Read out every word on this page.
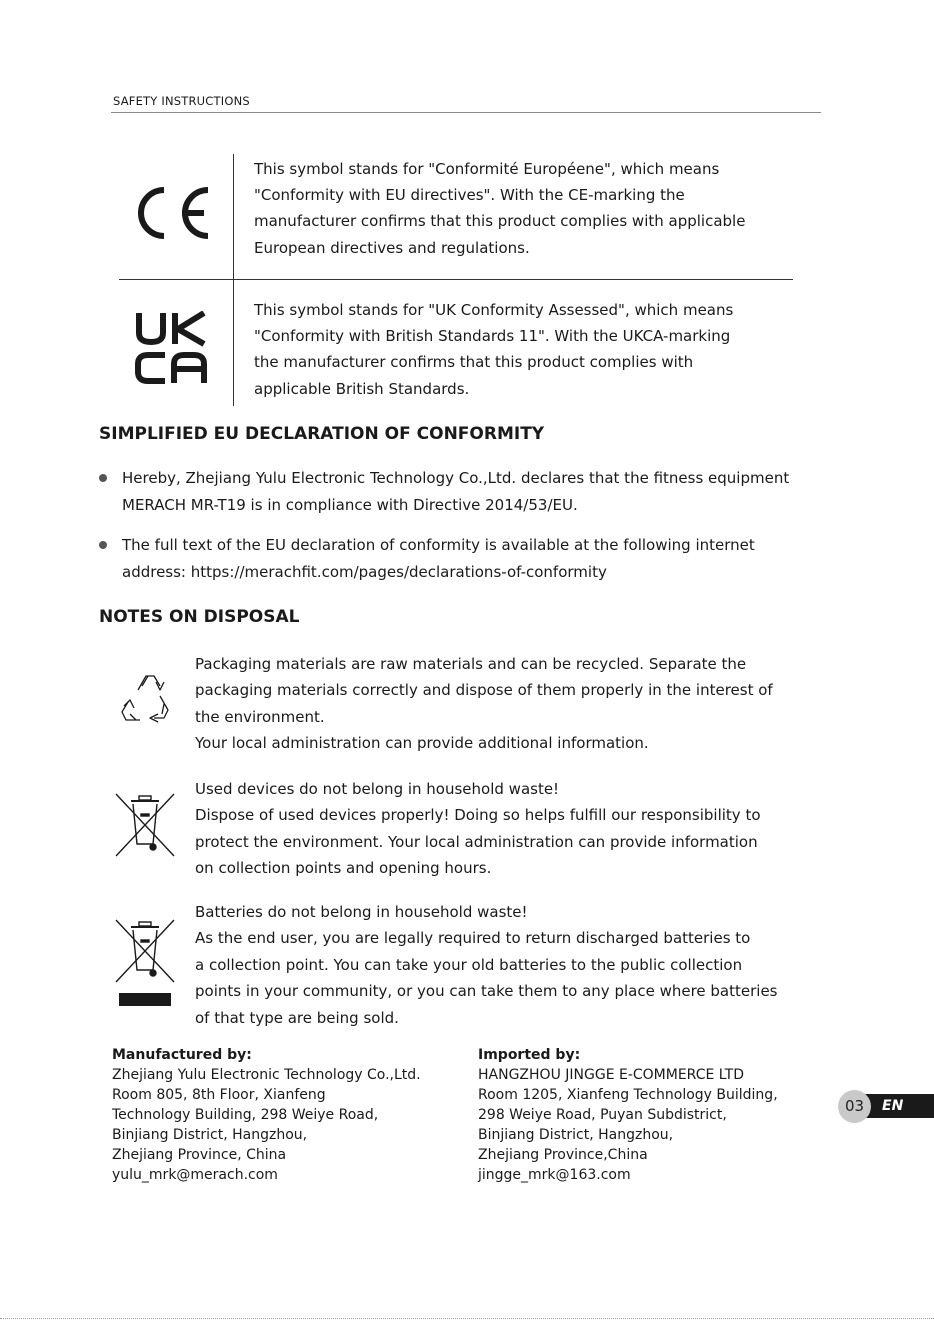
SAFETY INSTRUCTIONS
This symbol stands for "Conformité Européene", which means
"Conformity with EU directives". With the CE-marking the
manufacturer confirms that this product complies with applicable
European directives and regulations.
This symbol stands for "UK Conformity Assessed", which means
"Conformity with British Standards 11". With the UKCA-marking
the manufacturer confirms that this product complies with
applicable British Standards.
SIMPLIFIED EU DECLARATION OF CONFORMITY
Hereby, Zhejiang Yulu Electronic Technology Co.,Ltd. declares that the fitness equipment
MERACH MR-T19 is in compliance with Directive 2014/53/EU.
The full text of the EU declaration of conformity is available at the following internet
address: https://merachfit.com/pages/declarations-of-conformity
NOTES ON DISPOSAL
Packaging materials are raw materials and can be recycled. Separate the
packaging materials correctly and dispose of them properly in the interest of
the environment.
Your local administration can provide additional information.
Used devices do not belong in household waste!
Dispose of used devices properly! Doing so helps fulfill our responsibility to
protect the environment. Your local administration can provide information
on collection points and opening hours.
Batteries do not belong in household waste!
As the end user, you are legally required to return discharged batteries to
a collection point. You can take your old batteries to the public collection
points in your community, or you can take them to any place where batteries
of that type are being sold.
Manufactured by:
Zhejiang Yulu Electronic Technology Co.,Ltd.
Room 805, 8th Floor, Xianfeng
Technology Building, 298 Weiye Road,
Binjiang District, Hangzhou,
Zhejiang Province, China
yulu_mrk@merach.com
Imported by:
HANGZHOU JINGGE E-COMMERCE LTD
Room 1205, Xianfeng Technology Building,
298 Weiye Road, Puyan Subdistrict,
Binjiang District, Hangzhou,
Zhejiang Province,China
jingge_mrk@163.com
EN
03
